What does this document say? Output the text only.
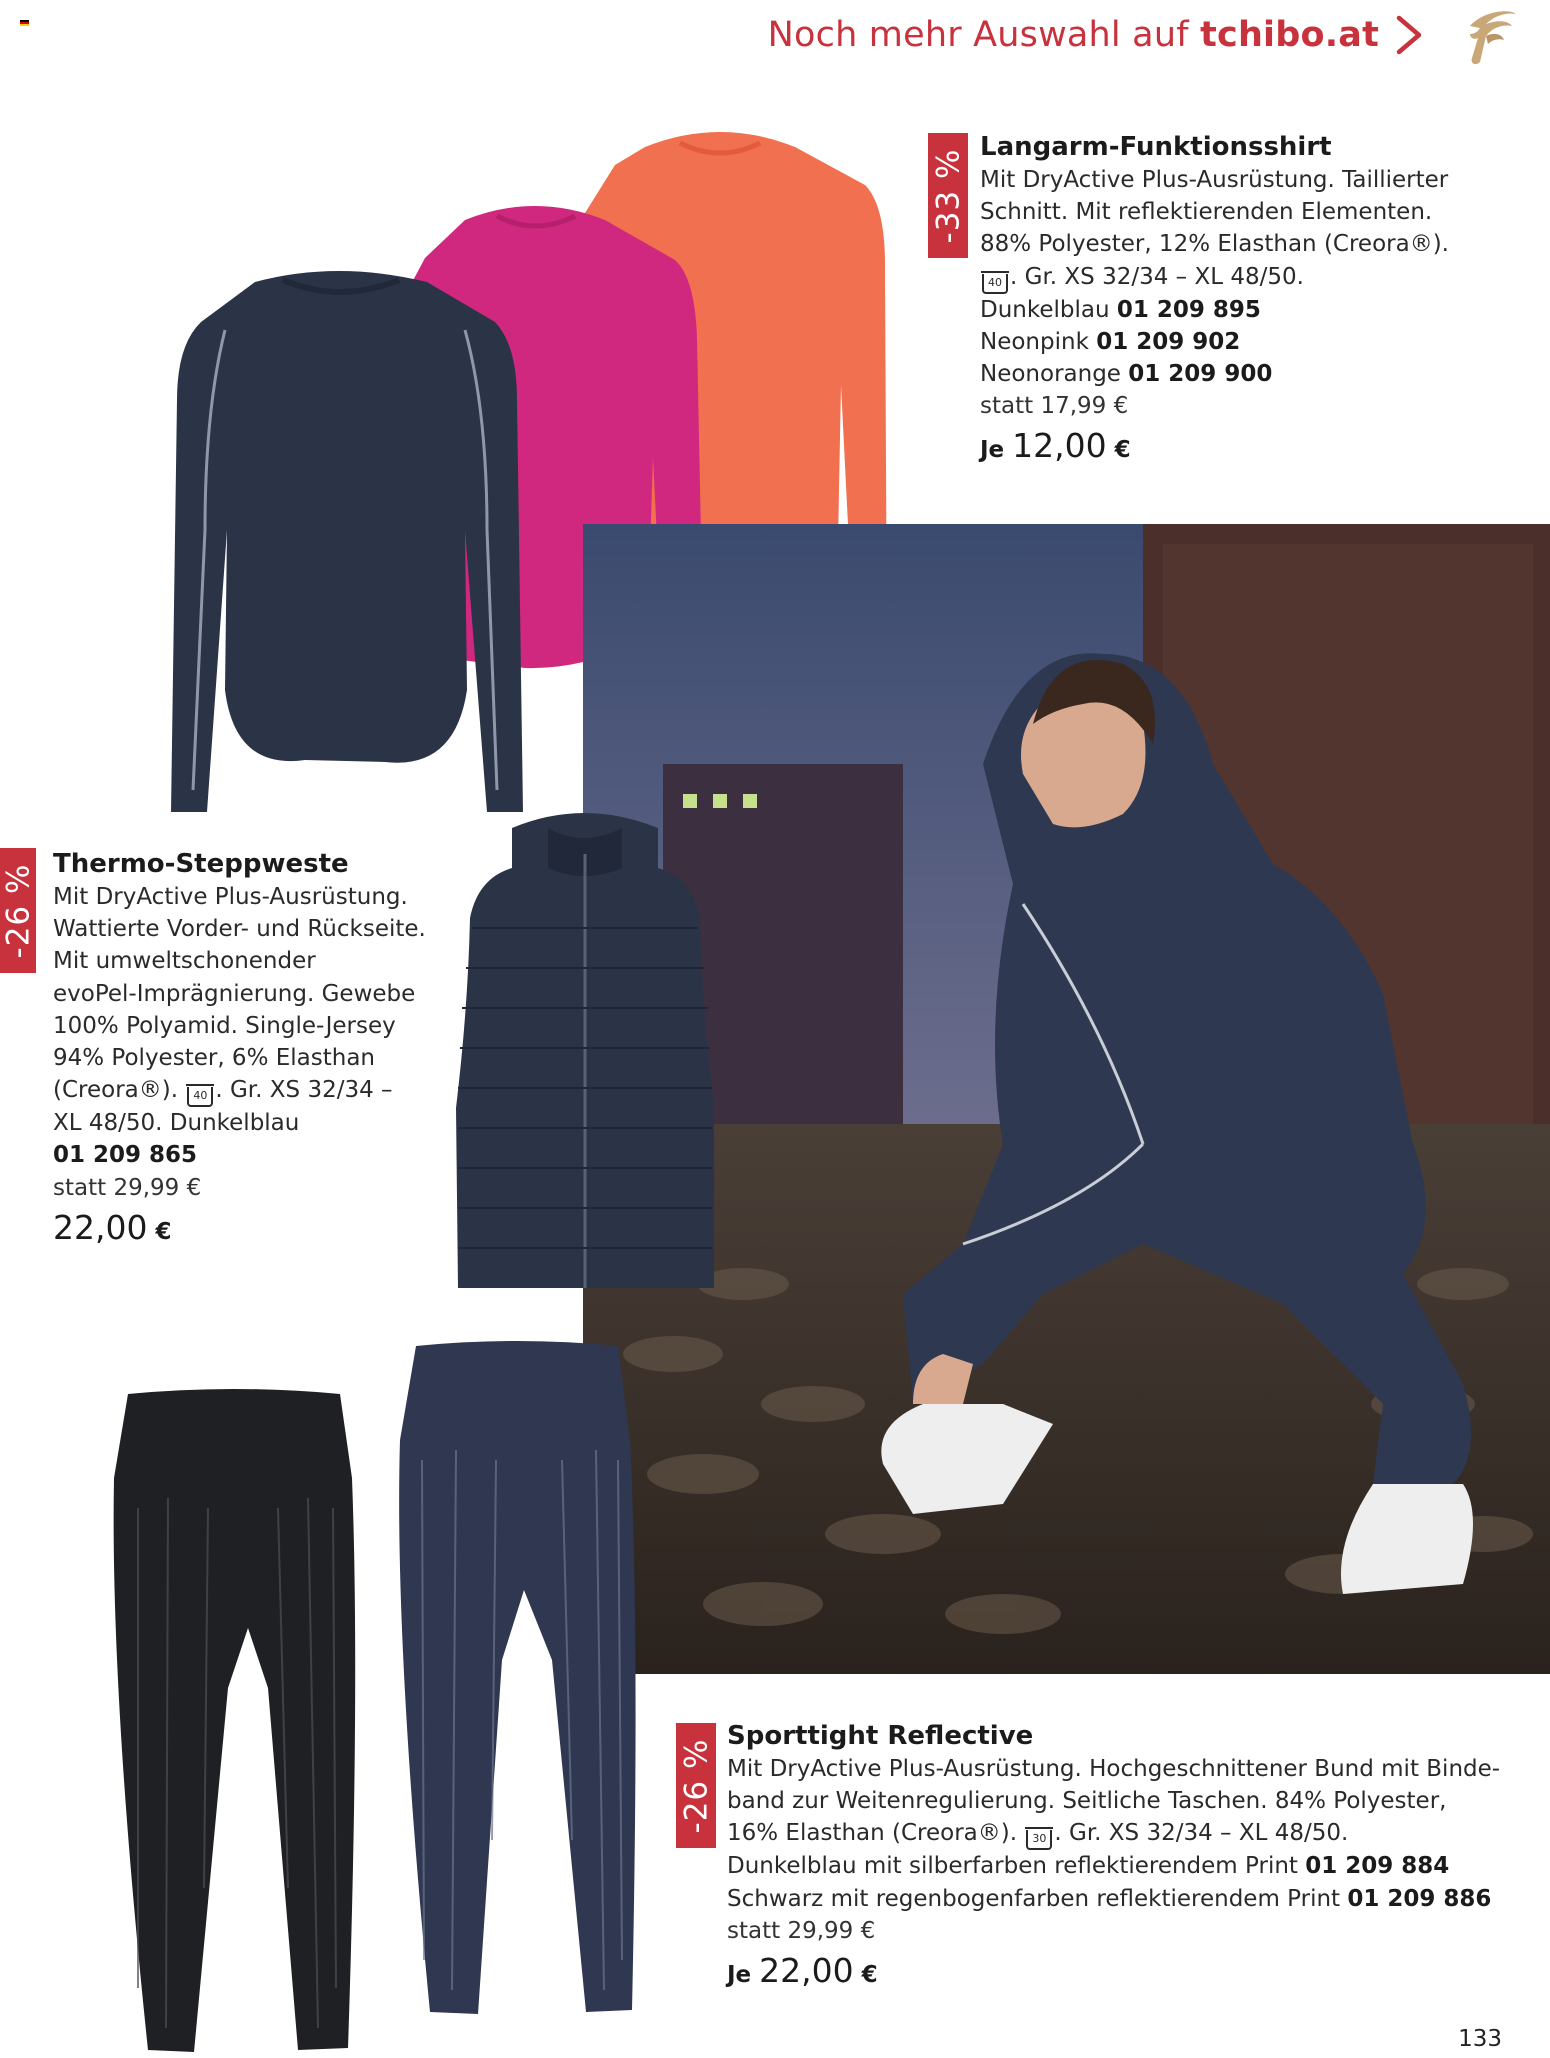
Noch mehr Auswahl auf tchibo.at
-33 %
Langarm-Funktionsshirt
Mit DryActive Plus-Ausrüstung. Taillierter
Schnitt. Mit reflektierenden Elementen.
88% Polyester, 12% Elasthan (Creora®).
40 . Gr. XS 32/34 – XL 48/50.
Dunkelblau 01 209 895
Neonpink 01 209 902
Neonorange 01 209 900
statt 17,99 €
Je 12,00 €
-26 % Thermo-Steppweste
Mit DryActive Plus-Ausrüstung.
Wattierte Vorder- und Rückseite.
Mit umweltschonender
evoPel-Imprägnierung. Gewebe
100% Polyamid. Single-Jersey
94% Polyester, 6% Elasthan
(Creora®). 40 . Gr. XS 32/34 –
XL 48/50. Dunkelblau
01 209 865
statt 29,99 €
22,00 €
-26 %
Sporttight Reflective
Mit DryActive Plus-Ausrüstung. Hochgeschnittener Bund mit Binde-
band zur Weitenregulierung. Seitliche Taschen. 84% Polyester,
16% Elasthan (Creora®). 30 . Gr. XS 32/34 – XL 48/50.
Dunkelblau mit silberfarben reflektierendem Print 01 209 884
Schwarz mit regenbogenfarben reflektierendem Print 01 209 886
statt 29,99 €
Je 22,00 €
133
